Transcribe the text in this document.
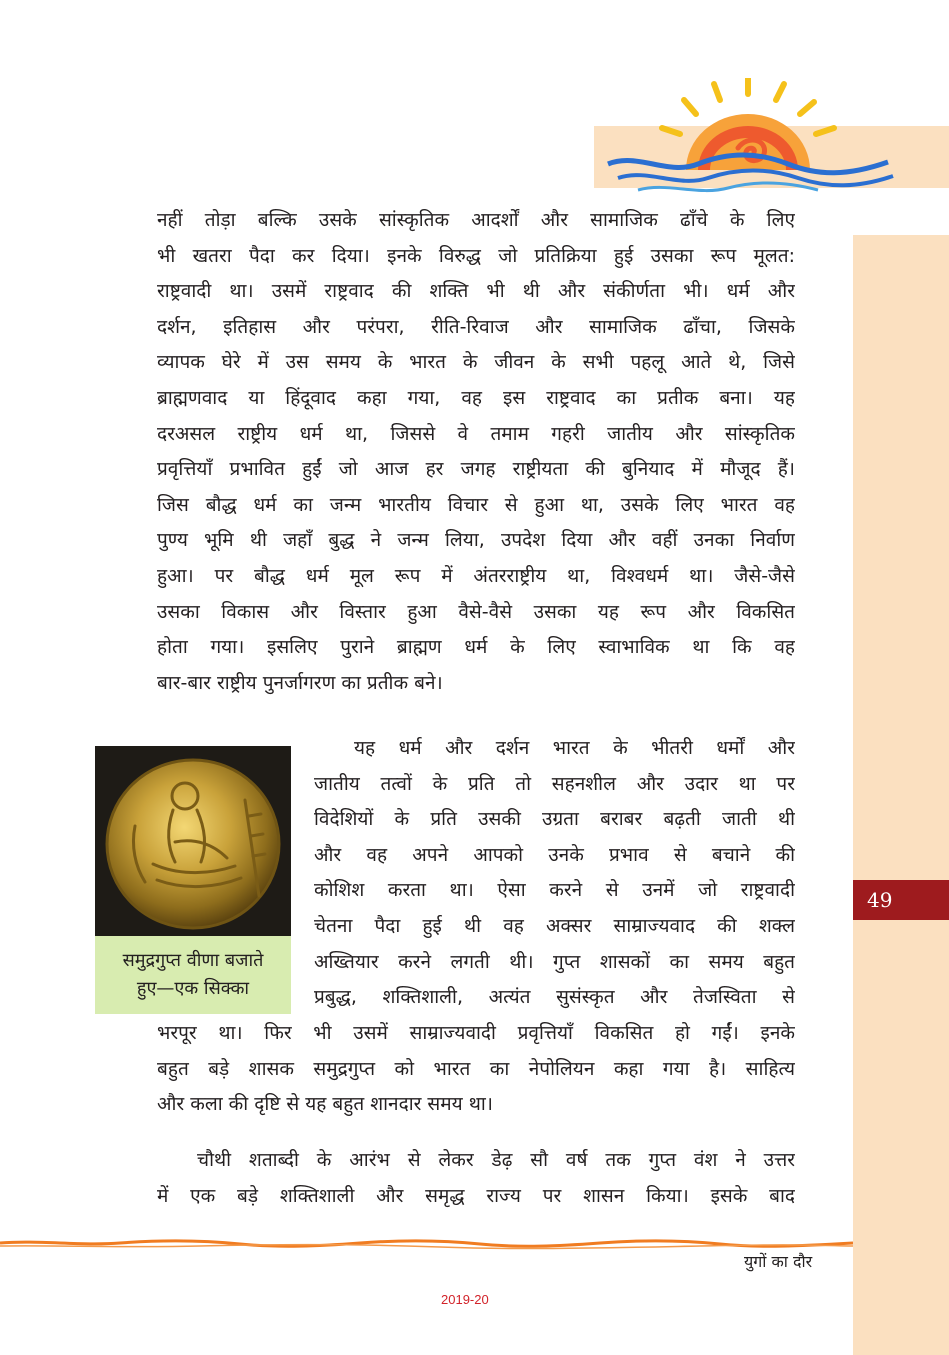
49
नहीं तोड़ा बल्कि उसके सांस्कृतिक आदर्शों और सामाजिक ढाँचे के लिए
भी खतरा पैदा कर दिया। इनके विरुद्ध जो प्रतिक्रिया हुई उसका रूप मूलत:
राष्ट्रवादी था। उसमें राष्ट्रवाद की शक्ति भी थी और संकीर्णता भी। धर्म और
दर्शन, इतिहास और परंपरा, रीति-रिवाज और सामाजिक ढाँचा, जिसके
व्यापक घेरे में उस समय के भारत के जीवन के सभी पहलू आते थे, जिसे
ब्राह्मणवाद या हिंदूवाद कहा गया, वह इस राष्ट्रवाद का प्रतीक बना। यह
दरअसल राष्ट्रीय धर्म था, जिससे वे तमाम गहरी जातीय और सांस्कृतिक
प्रवृत्तियाँ प्रभावित हुईं जो आज हर जगह राष्ट्रीयता की बुनियाद में मौजूद हैं।
जिस बौद्ध धर्म का जन्म भारतीय विचार से हुआ था, उसके लिए भारत वह
पुण्य भूमि थी जहाँ बुद्ध ने जन्म लिया, उपदेश दिया और वहीं उनका निर्वाण
हुआ। पर बौद्ध धर्म मूल रूप में अंतरराष्ट्रीय था, विश्वधर्म था। जैसे-जैसे
उसका विकास और विस्तार हुआ वैसे-वैसे उसका यह रूप और विकसित
होता गया। इसलिए पुराने ब्राह्मण धर्म के लिए स्वाभाविक था कि वह
बार-बार राष्ट्रीय पुनर्जागरण का प्रतीक बने।
यह धर्म और दर्शन भारत के भीतरी धर्मों और
जातीय तत्वों के प्रति तो सहनशील और उदार था पर
विदेशियों के प्रति उसकी उग्रता बराबर बढ़ती जाती थी
और वह अपने आपको उनके प्रभाव से बचाने की
कोशिश करता था। ऐसा करने से उनमें जो राष्ट्रवादी
चेतना पैदा हुई थी वह अक्सर साम्राज्यवाद की शक्ल
अख्तियार करने लगती थी। गुप्त शासकों का समय बहुत
प्रबुद्ध, शक्तिशाली, अत्यंत सुसंस्कृत और तेजस्विता से
भरपूर था। फिर भी उसमें साम्राज्यवादी प्रवृत्तियाँ विकसित हो गईं। इनके
बहुत बड़े शासक समुद्रगुप्त को भारत का नेपोलियन कहा गया है। साहित्य
और कला की दृष्टि से यह बहुत शानदार समय था।
चौथी शताब्दी के आरंभ से लेकर डेढ़ सौ वर्ष तक गुप्त वंश ने उत्तर
में एक बड़े शक्तिशाली और समृद्ध राज्य पर शासन किया। इसके बाद
समुद्रगुप्त वीणा बजाते
हुए—एक सिक्का
युगों का दौर
2019-20
